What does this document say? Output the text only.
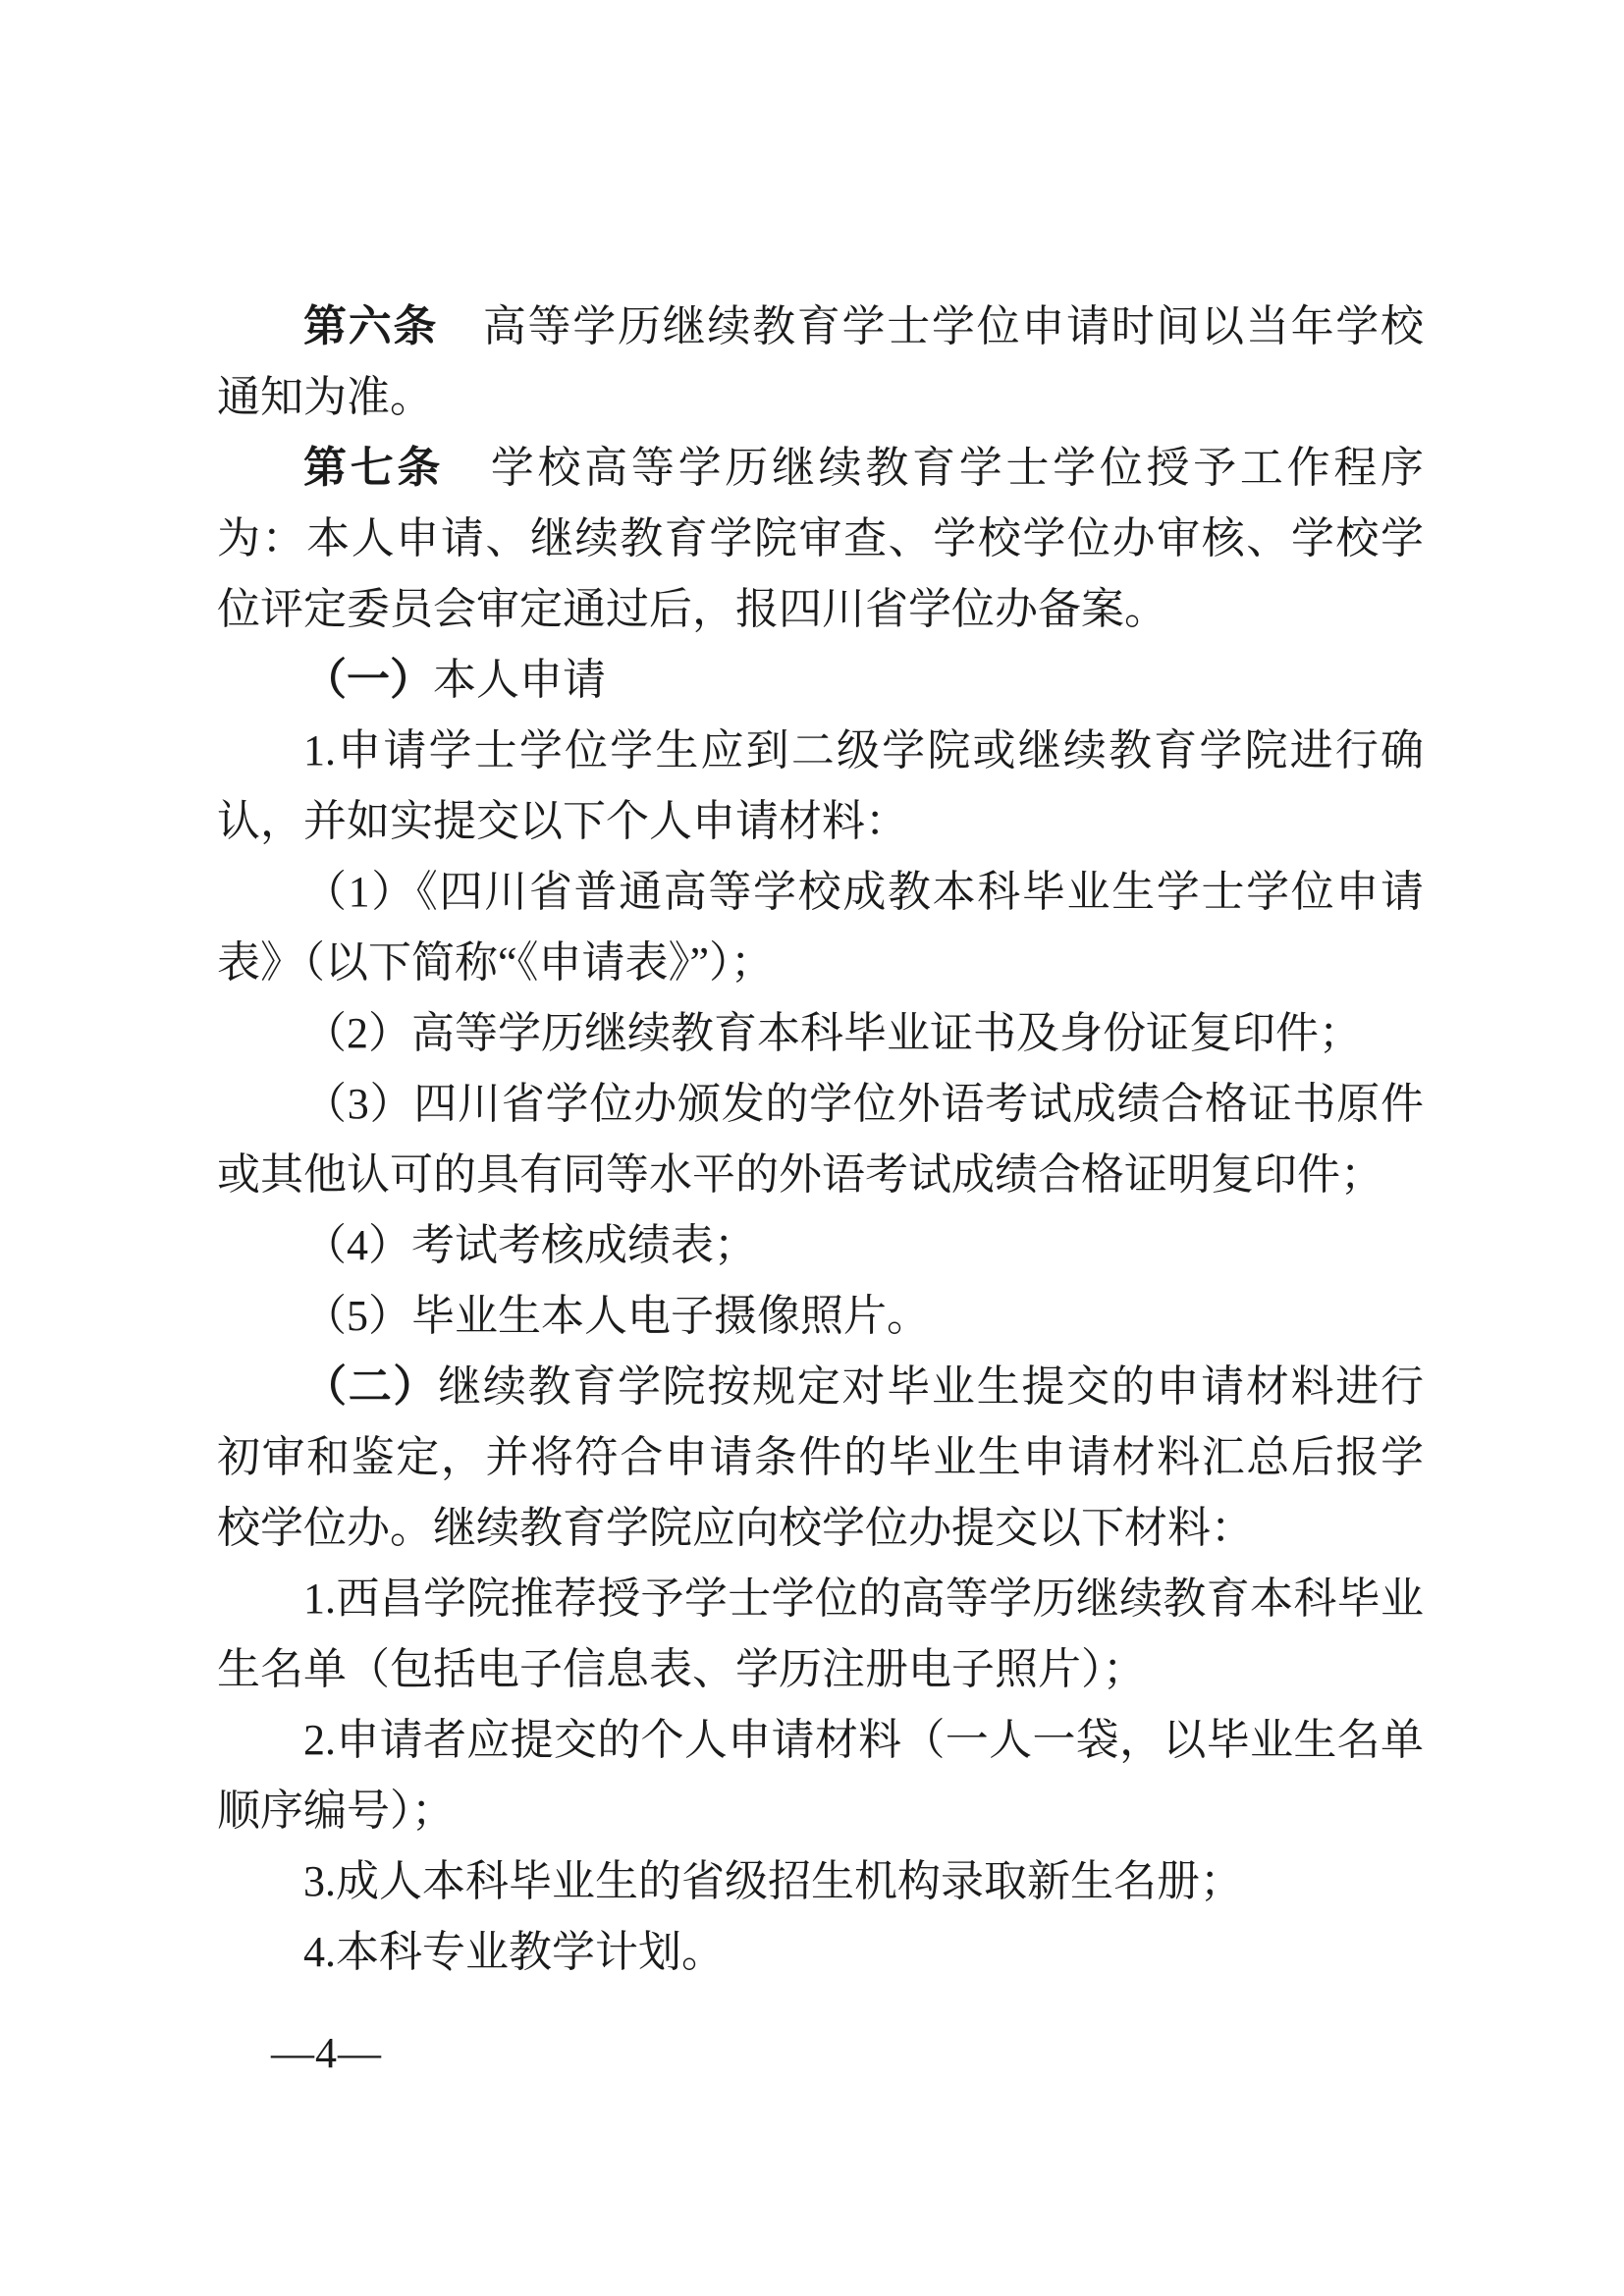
第六条　高等学历继续教育学士学位申请时间以当年学校通知为准。

第七条　学校高等学历继续教育学士学位授予工作程序为：本人申请、继续教育学院审查、学校学位办审核、学校学位评定委员会审定通过后，报四川省学位办备案。

（一）本人申请

1.申请学士学位学生应到二级学院或继续教育学院进行确认，并如实提交以下个人申请材料：

（1）《四川省普通高等学校成教本科毕业生学士学位申请表》（以下简称“《申请表》”）；

（2）高等学历继续教育本科毕业证书及身份证复印件；

（3）四川省学位办颁发的学位外语考试成绩合格证书原件或其他认可的具有同等水平的外语考试成绩合格证明复印件；

（4）考试考核成绩表；

（5）毕业生本人电子摄像照片。

（二）继续教育学院按规定对毕业生提交的申请材料进行初审和鉴定，并将符合申请条件的毕业生申请材料汇总后报学校学位办。继续教育学院应向校学位办提交以下材料：

1.西昌学院推荐授予学士学位的高等学历继续教育本科毕业生名单（包括电子信息表、学历注册电子照片）；

2.申请者应提交的个人申请材料（一人一袋，以毕业生名单顺序编号）；

3.成人本科毕业生的省级招生机构录取新生名册；

4.本科专业教学计划。

—4—
